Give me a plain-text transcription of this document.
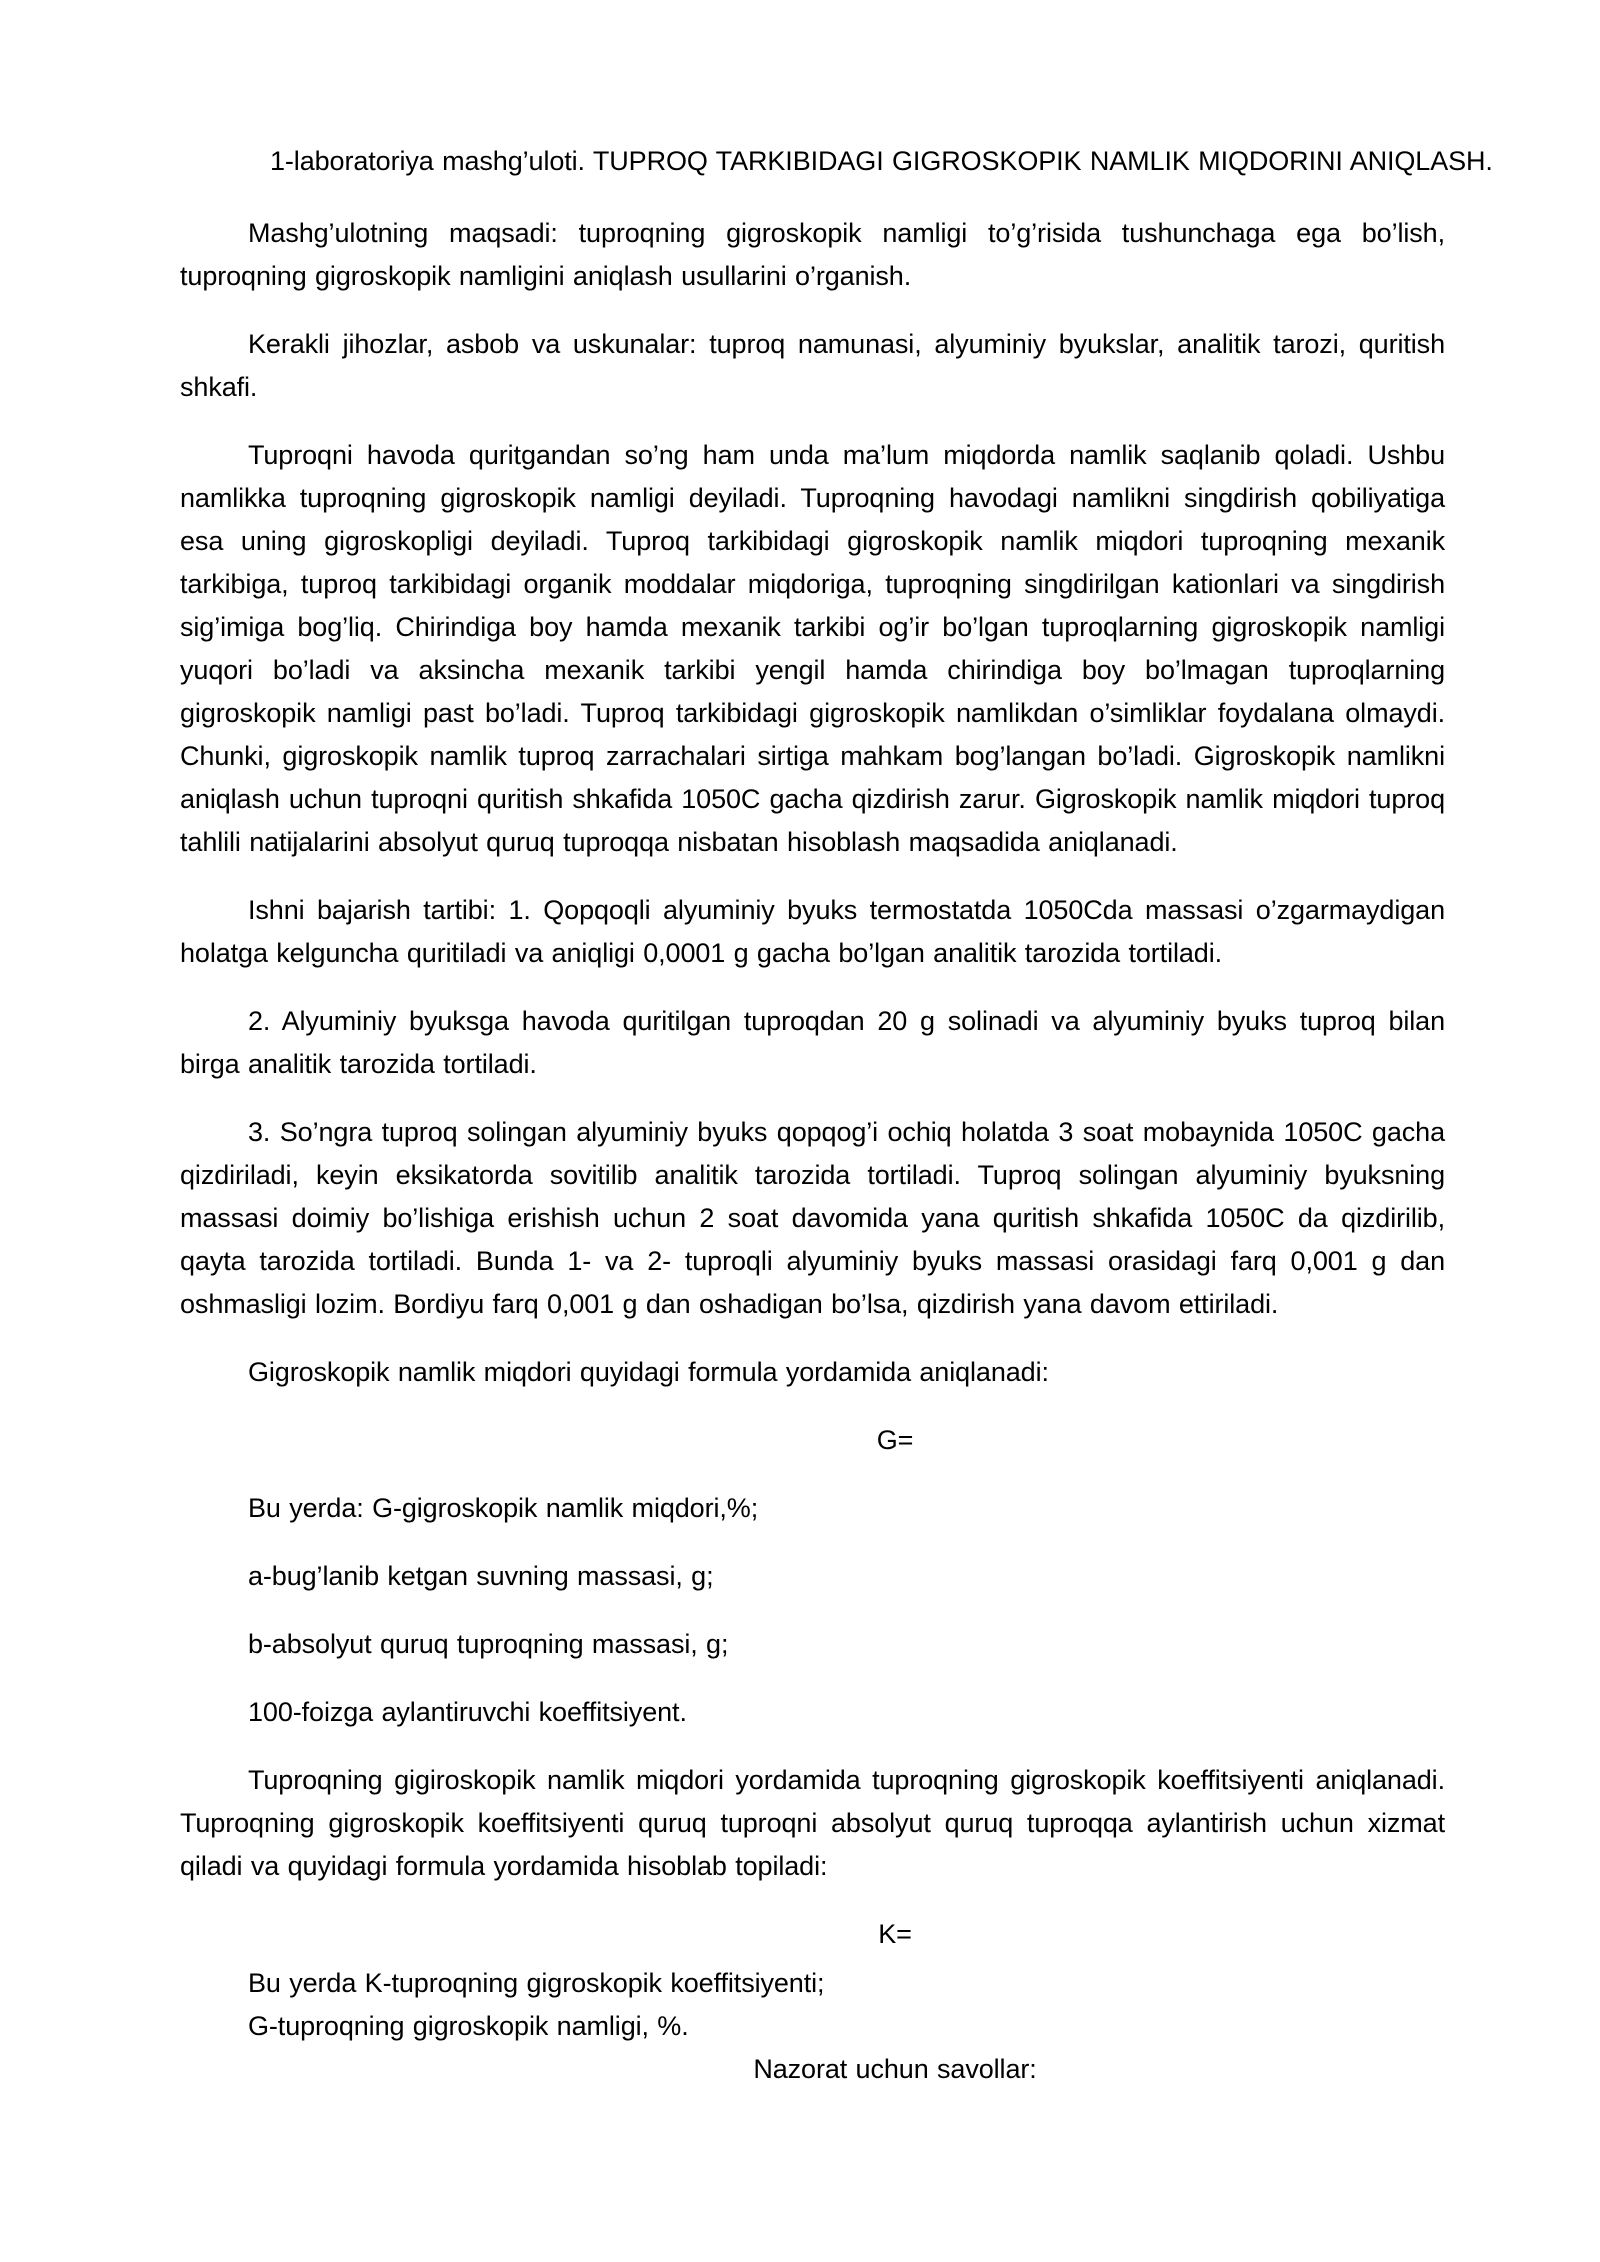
1-laboratoriya mashg’uloti. TUPROQ TARKIBIDAGI GIGROSKOPIK NAMLIK MIQDORINI ANIQLASH.

Mashg’ulotning maqsadi: tuproqning gigroskopik namligi to’g’risida tushunchaga ega bo’lish, tuproqning gigroskopik namligini aniqlash usullarini o’rganish.

Kerakli jihozlar, asbob va uskunalar: tuproq namunasi, alyuminiy byukslar, analitik tarozi, quritish shkafi.

Tuproqni havoda quritgandan so’ng ham unda ma’lum miqdorda namlik saqlanib qoladi. Ushbu namlikka tuproqning gigroskopik namligi deyiladi. Tuproqning havodagi namlikni singdirish qobiliyatiga esa uning gigroskopligi deyiladi. Tuproq tarkibidagi gigroskopik namlik miqdori tuproqning mexanik tarkibiga, tuproq tarkibidagi organik moddalar miqdoriga, tuproqning singdirilgan kationlari va singdirish sig’imiga bog’liq. Chirindiga boy hamda mexanik tarkibi og’ir bo’lgan tuproqlarning gigroskopik namligi yuqori bo’ladi va aksincha mexanik tarkibi yengil hamda chirindiga boy bo’lmagan tuproqlarning gigroskopik namligi past bo’ladi. Tuproq tarkibidagi gigroskopik namlikdan o’simliklar foydalana olmaydi. Chunki, gigroskopik namlik tuproq zarrachalari sirtiga mahkam bog’langan bo’ladi. Gigroskopik namlikni aniqlash uchun tuproqni quritish shkafida 1050C gacha qizdirish zarur. Gigroskopik namlik miqdori tuproq tahlili natijalarini absolyut quruq tuproqqa nisbatan hisoblash maqsadida aniqlanadi.

Ishni bajarish tartibi: 1. Qopqoqli alyuminiy byuks termostatda 1050Cda massasi o’zgarmaydigan holatga kelguncha quritiladi va aniqligi 0,0001 g gacha bo’lgan analitik tarozida tortiladi.

2. Alyuminiy byuksga havoda quritilgan tuproqdan 20 g solinadi va alyuminiy byuks tuproq bilan birga analitik tarozida tortiladi.

3. So’ngra tuproq solingan alyuminiy byuks qopqog’i ochiq holatda 3 soat mobaynida 1050C gacha qizdiriladi, keyin eksikatorda sovitilib analitik tarozida tortiladi. Tuproq solingan alyuminiy byuksning massasi doimiy bo’lishiga erishish uchun 2 soat davomida yana quritish shkafida 1050C da qizdirilib, qayta tarozida tortiladi. Bunda 1- va 2- tuproqli alyuminiy byuks massasi orasidagi farq 0,001 g dan oshmasligi lozim. Bordiyu farq 0,001 g dan oshadigan bo’lsa, qizdirish yana davom ettiriladi.

Gigroskopik namlik miqdori quyidagi formula yordamida aniqlanadi:

G=

Bu yerda: G-gigroskopik namlik miqdori,%;

a-bug’lanib ketgan suvning massasi, g;

b-absolyut quruq tuproqning massasi, g;

100-foizga aylantiruvchi koeffitsiyent.

Tuproqning gigiroskopik namlik miqdori yordamida tuproqning gigroskopik koeffitsiyenti aniqlanadi. Tuproqning gigroskopik koeffitsiyenti quruq tuproqni absolyut quruq tuproqqa aylantirish uchun xizmat qiladi va quyidagi formula yordamida hisoblab topiladi:

K=

Bu yerda K-tuproqning gigroskopik koeffitsiyenti;

G-tuproqning gigroskopik namligi, %.

Nazorat uchun savollar:
